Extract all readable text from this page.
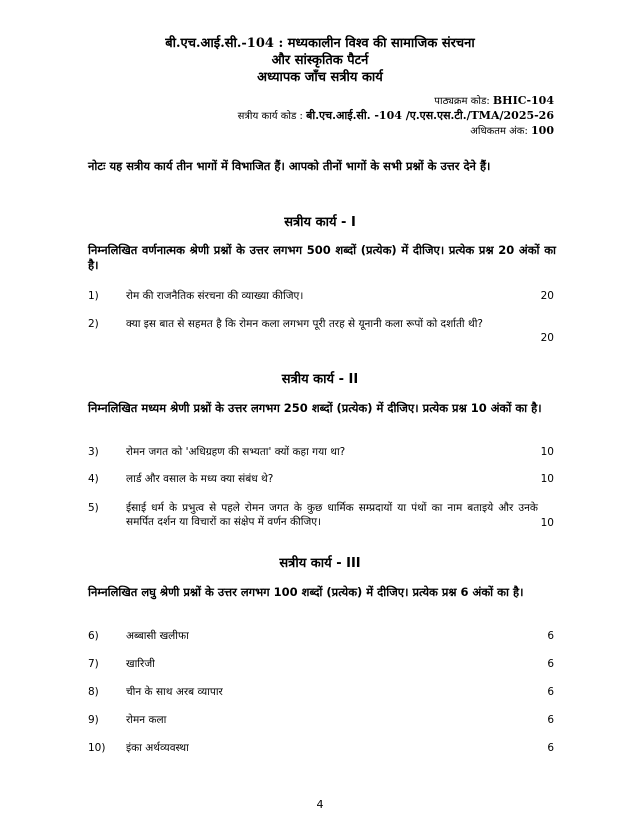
बी.एच.आई.सी.-104 : मध्यकालीन विश्व की सामाजिक संरचना
और सांस्कृतिक पैटर्न
अध्यापक जाँच सत्रीय कार्य
पाठ्यक्रम कोड: BHIC-104
सत्रीय कार्य कोड : बी.एच.आई.सी. -104 /ए.एस.एस.टी./TMA/2025-26
अधिकतम अंक: 100
नोटः यह सत्रीय कार्य तीन भागों में विभाजित हैं। आपको तीनों भागों के सभी प्रश्नों के उत्तर देने हैं।
सत्रीय कार्य - I
निम्नलिखित वर्णनात्मक श्रेणी प्रश्नों के उत्तर लगभग 500 शब्दों (प्रत्येक) में दीजिए। प्रत्येक प्रश्न 20 अंकों का है।
1)	रोम की राजनैतिक संरचना की व्याख्या कीजिए।	20
2)	क्या इस बात से सहमत है कि रोमन कला लगभग पूरी तरह से यूनानी कला रूपों को दर्शाती थी?
20
सत्रीय कार्य - II
निम्नलिखित मध्यम श्रेणी प्रश्नों के उत्तर लगभग 250 शब्दों (प्रत्येक) में दीजिए। प्रत्येक प्रश्न 10 अंकों का है।
3)	रोमन जगत को 'अधिग्रहण की सभ्यता' क्यों कहा गया था?	10
4)	लार्ड और वसाल के मध्य क्या संबंध थे?	10
5)	ईसाई धर्म के प्रभुत्व से पहले रोमन जगत के कुछ धार्मिक सम्प्रदायों या पंथों का नाम बताइये और उनके समर्पित दर्शन या विचारों का संक्षेप में वर्णन कीजिए।	10
सत्रीय कार्य - III
निम्नलिखित लघु श्रेणी प्रश्नों के उत्तर लगभग 100 शब्दों (प्रत्येक) में दीजिए। प्रत्येक प्रश्न 6 अंकों का है।
6)	अब्बासी खलीफा	6
7)	खारिजी	6
8)	चीन के साथ अरब व्यापार	6
9)	रोमन कला	6
10)	इंका अर्थव्यवस्था	6
4
